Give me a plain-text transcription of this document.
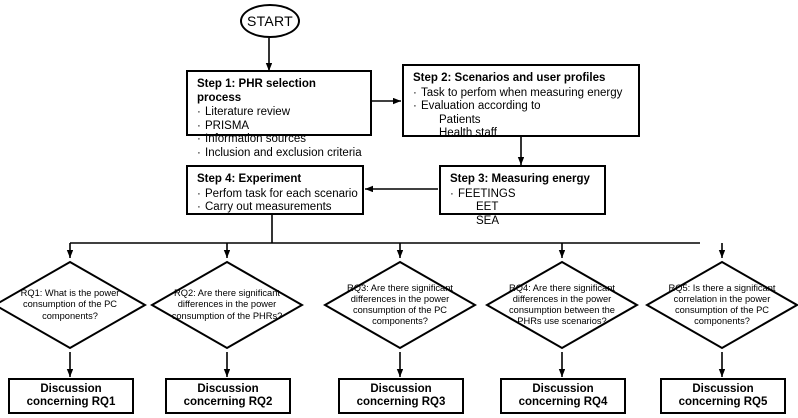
START
Step 1: PHR selection process
· Literature review
· PRISMA
· Information sources
· Inclusion and exclusion criteria
Step 2: Scenarios and user profiles
· Task to perfom when measuring energy
· Evaluation according to
Patients
Health staff
Step 3: Measuring energy
· FEETINGS
EET
SEA
Step 4: Experiment
· Perfom task for each scenario
· Carry out measurements
RQ1: What is the power consumption of the PC components?
RQ2: Are there significant differences in the power consumption of the PHRs?
RQ3: Are there significant differences in the power consumption of the PC components?
RQ4: Are there significant differences in the power consumption between the PHRs use scenarios?
RQ5: Is there a significant correlation in the power consumption of the PC components?
Discussion
concerning RQ1
Discussion
concerning RQ2
Discussion
concerning RQ3
Discussion
concerning RQ4
Discussion
concerning RQ5
